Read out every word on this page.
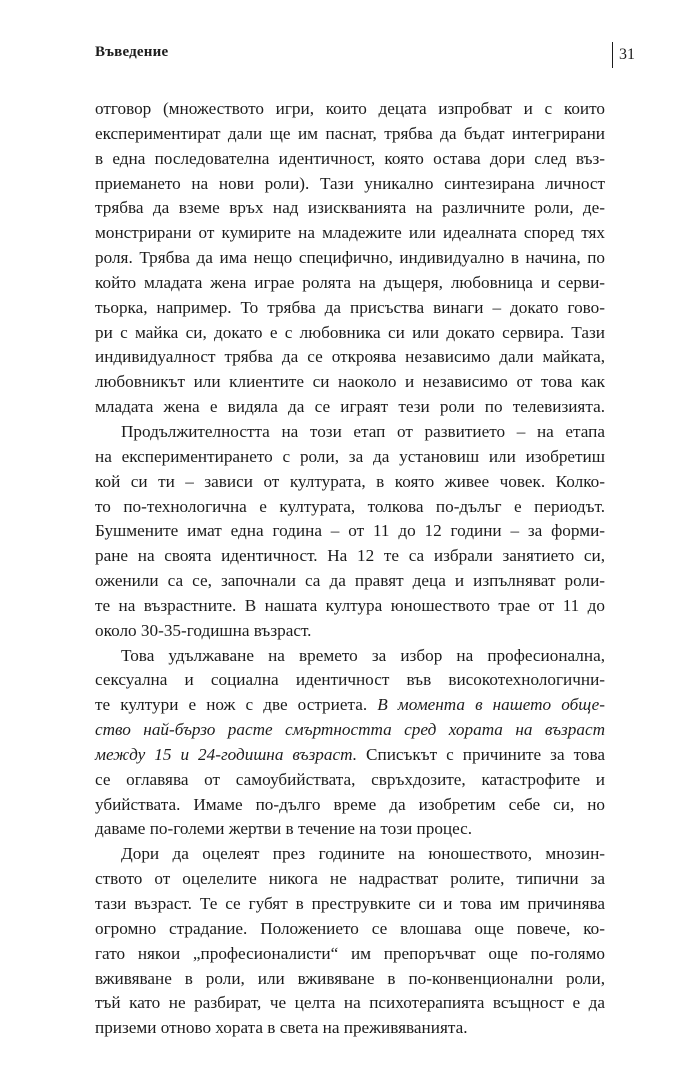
Въведение	31

отговор (множеството игри, които децата изпробват и с които
експериментират дали ще им паснат, трябва да бъдат интегрирани
в една последователна идентичност, която остава дори след въз-
приемането на нови роли). Тази уникално синтезирана личност
трябва да вземе връх над изискванията на различните роли, де-
монстрирани от кумирите на младежите или идеалната според тях
роля. Трябва да има нещо специфично, индивидуално в начина, по
който младата жена играе ролята на дъщеря, любовница и серви-
тьорка, например. То трябва да присъства винаги – докато гово-
ри с майка си, докато е с любовника си или докато сервира. Тази
индивидуалност трябва да се откроява независимо дали майката,
любовникът или клиентите си наоколо и независимо от това как
младата жена е видяла да се играят тези роли по телевизията.

Продължителността на този етап от развитието – на етапа
на експериментирането с роли, за да установиш или изобретиш
кой си ти – зависи от културата, в която живее човек. Колко-
то по-технологична е културата, толкова по-дълъг е периодът.
Бушмените имат една година – от 11 до 12 години – за форми-
ране на своята идентичност. На 12 те са избрали занятието си,
оженили са се, започнали са да правят деца и изпълняват роли-
те на възрастните. В нашата култура юношеството трае от 11 до
около 30-35-годишна възраст.

Това удължаване на времето за избор на професионална,
сексуална и социална идентичност във високотехнологични-
те култури е нож с две остриета. В момента в нашето обще-
ство най-бързо расте смъртността сред хората на възраст
между 15 и 24-годишна възраст. Списъкът с причините за това
се оглавява от самоубийствата, свръхдозите, катастрофите и
убийствата. Имаме по-дълго време да изобретим себе си, но
даваме по-големи жертви в течение на този процес.

Дори да оцелеят през годините на юношеството, мнозин-
ството от оцелелите никога не надрастват ролите, типични за
тази възраст. Те се губят в преструвките си и това им причинява
огромно страдание. Положението се влошава още повече, ко-
гато някои „професионалисти“ им препоръчват още по-голямо
вживяване в роли, или вживяване в по-конвенционални роли,
тъй като не разбират, че целта на психотерапията всъщност е да
приземи отново хората в света на преживяванията.
